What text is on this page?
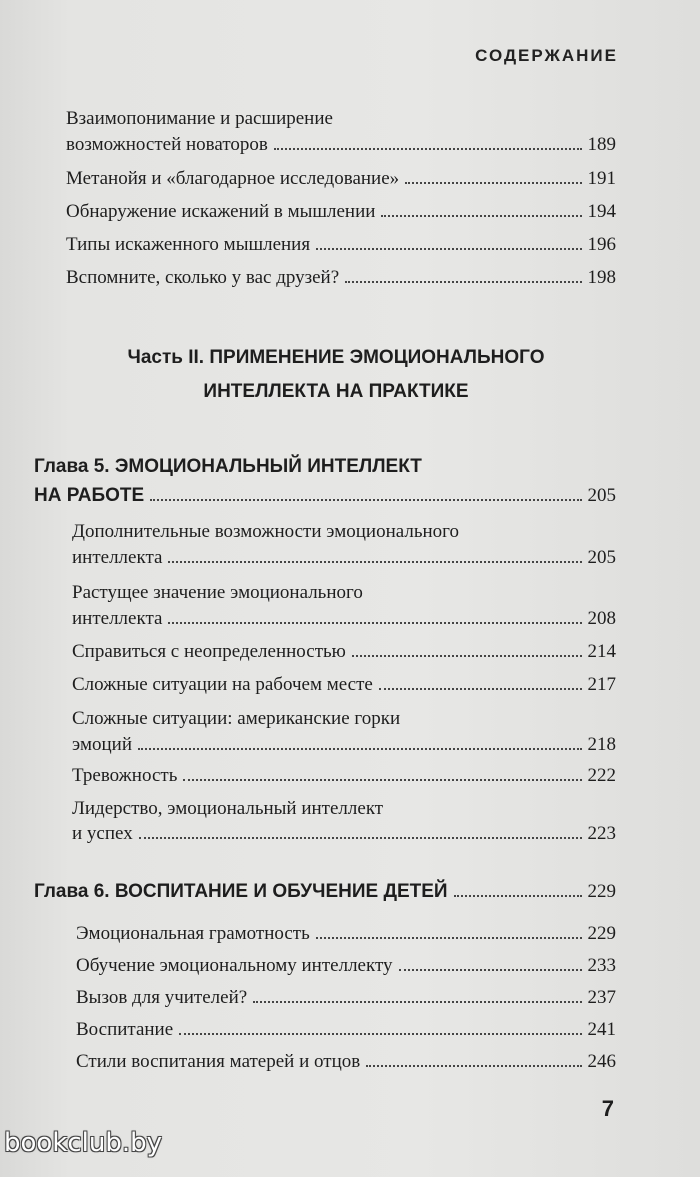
СОДЕРЖАНИЕ
Взаимопонимание и расширение
возможностей новаторов	189
Метанойя и «благодарное исследование»	191
Обнаружение искажений в мышлении	194
Типы искаженного мышления	196
Вспомните, сколько у вас друзей?	198
Часть II. ПРИМЕНЕНИЕ ЭМОЦИОНАЛЬНОГО
ИНТЕЛЛЕКТА НА ПРАКТИКЕ
Глава 5. ЭМОЦИОНАЛЬНЫЙ ИНТЕЛЛЕКТ
НА РАБОТЕ	205
Дополнительные возможности эмоционального
интеллекта	205
Растущее значение эмоционального
интеллекта	208
Справиться с неопределенностью	214
Сложные ситуации на рабочем месте	217
Сложные ситуации: американские горки
эмоций	218
Тревожность	222
Лидерство, эмоциональный интеллект
и успех	223
Глава 6. ВОСПИТАНИЕ И ОБУЧЕНИЕ ДЕТЕЙ	229
Эмоциональная грамотность	229
Обучение эмоциональному интеллекту	233
Вызов для учителей?	237
Воспитание	241
Стили воспитания матерей и отцов	246
7
bookclub.by
